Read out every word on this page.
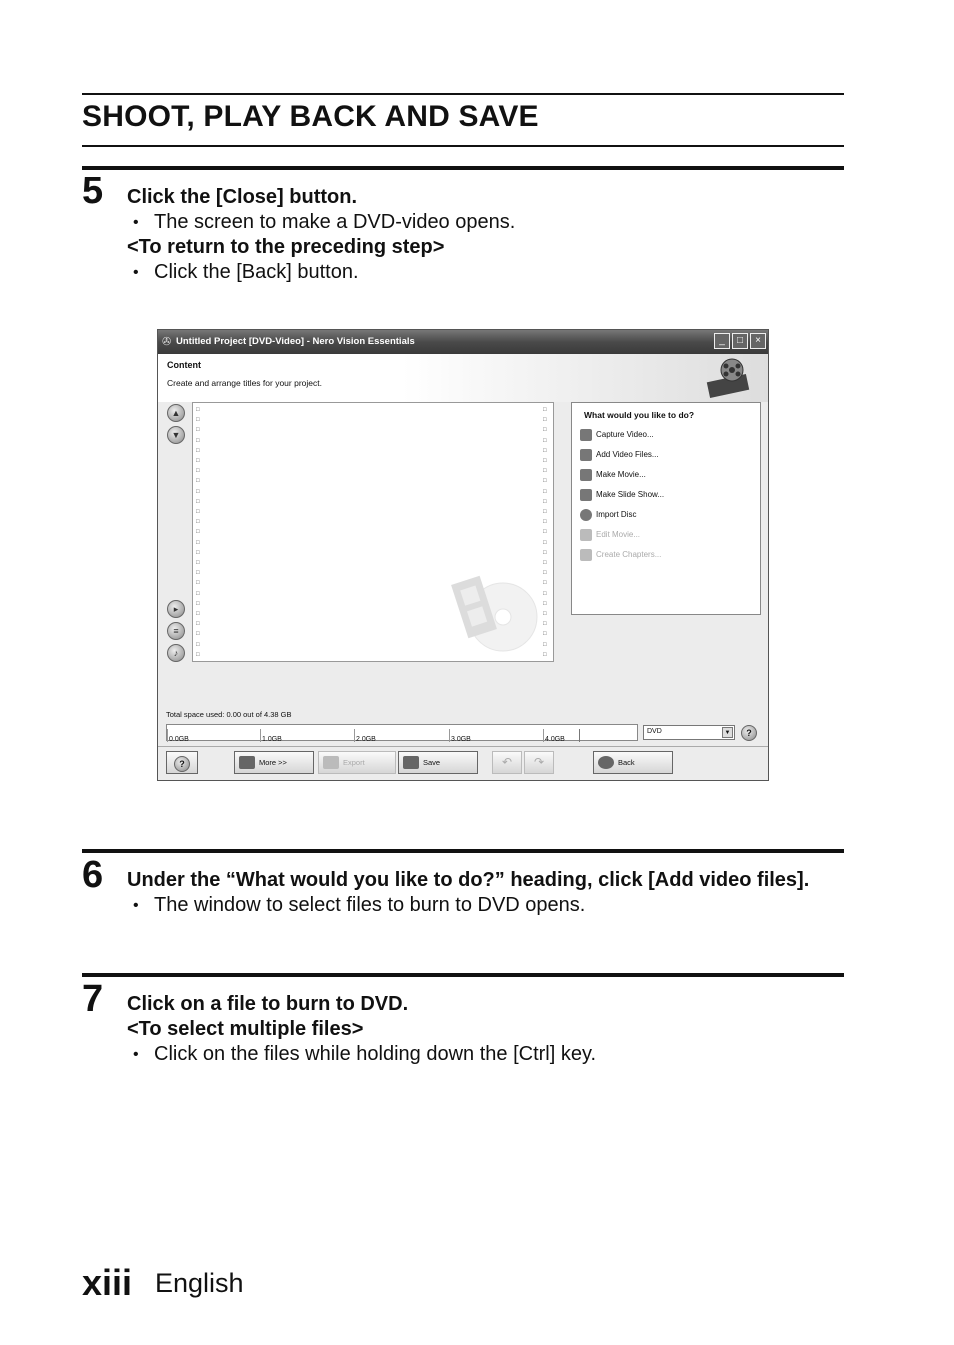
SHOOT, PLAY BACK AND SAVE
5 Click the [Close] button.
• The screen to make a DVD-video opens.
<To return to the preceding step>
• Click the [Back] button.
✇ Untitled Project [DVD-Video] - Nero Vision Essentials	_	□	×
Content
Create and arrange titles for your project.
▲
▼
▸
≡
♪
□
□
□
□
□
□
□
□
□
□
□
□
□
□
□
□
□
□
□
□
□
□
□
□
□
□
□
□
□
□
□
□
□
□
□
□
□
□
□
□
□
□
□
□
□
□
□
□
□
□
What would you like to do?
Capture Video...
Add Video Files...
Make Movie...
Make Slide Show...
Import Disc
Edit Movie...
Create Chapters...
Total space used: 0.00 out of 4.38 GB
0.0GB	1.0GB	2.0GB	3.0GB	4.0GB
DVD	▼	?
?	More >>	Export	Save	↶	↷	Back
6 Under the “What would you like to do?” heading, click [Add video files].
• The window to select files to burn to DVD opens.
7 Click on a file to burn to DVD.
<To select multiple files>
• Click on the files while holding down the [Ctrl] key.
xiii English
